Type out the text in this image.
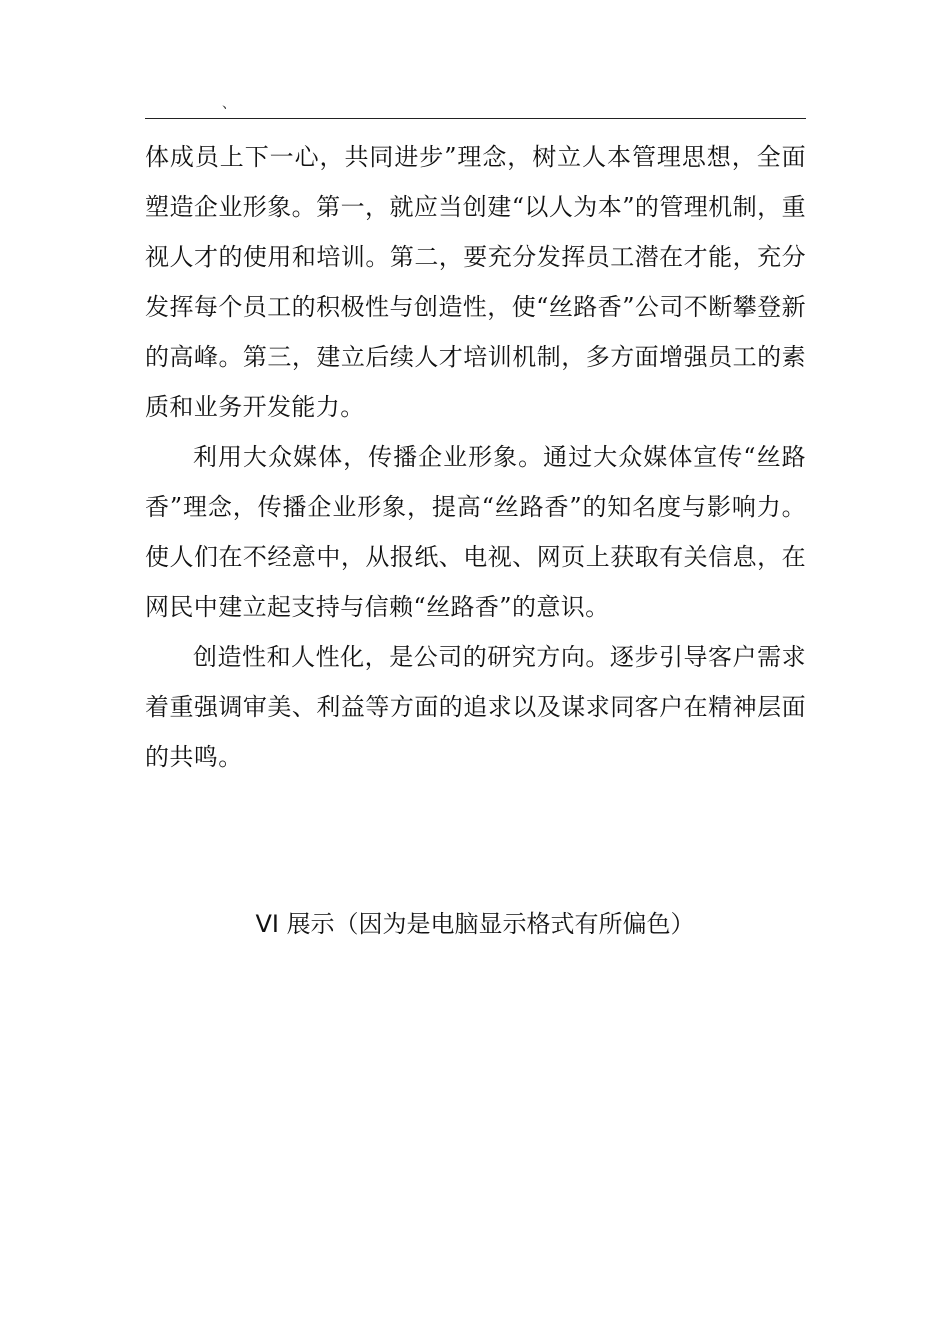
、

体成员上下一心，共同进步”理念，树立人本管理思想，全面塑造企业形象。第一，就应当创建“以人为本”的管理机制，重视人才的使用和培训。第二，要充分发挥员工潜在才能，充分发挥每个员工的积极性与创造性，使“丝路香”公司不断攀登新的高峰。第三，建立后续人才培训机制，多方面增强员工的素质和业务开发能力。

利用大众媒体，传播企业形象。通过大众媒体宣传“丝路香”理念，传播企业形象，提高“丝路香”的知名度与影响力。使人们在不经意中，从报纸、电视、网页上获取有关信息，在网民中建立起支持与信赖“丝路香”的意识。

创造性和人性化，是公司的研究方向。逐步引导客户需求着重强调审美、利益等方面的追求以及谋求同客户在精神层面的共鸣。

VI 展示（因为是电脑显示格式有所偏色）
